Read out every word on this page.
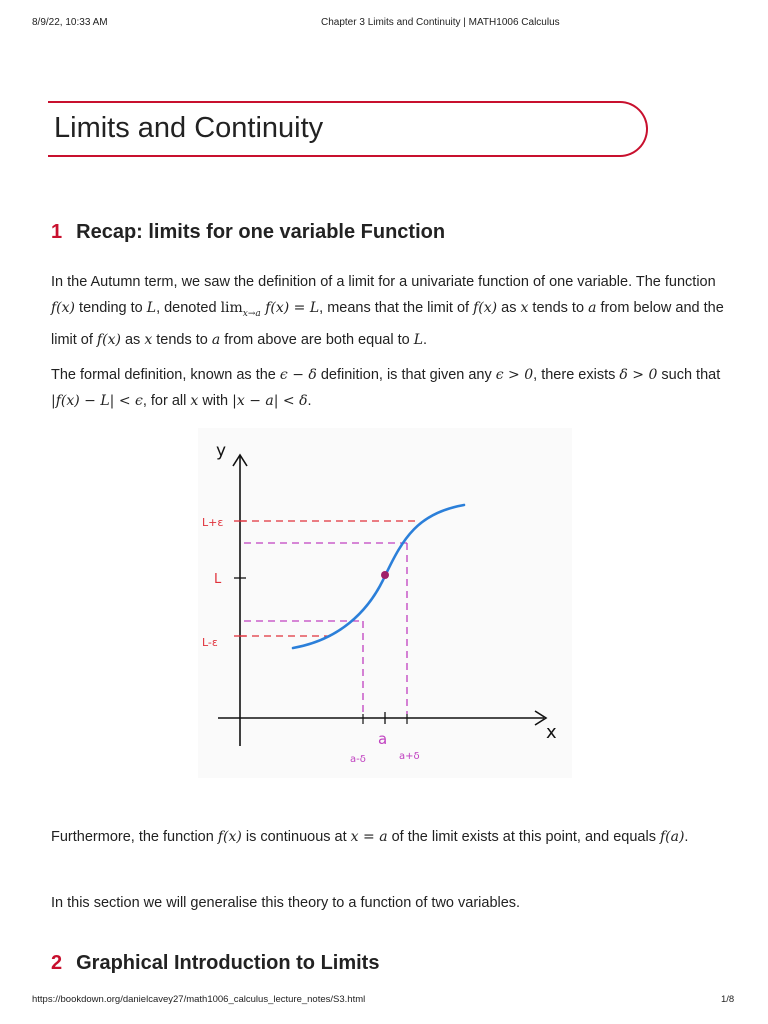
8/9/22, 10:33 AM	Chapter 3 Limits and Continuity | MATH1006 Calculus
Limits and Continuity
1 Recap: limits for one variable Function

In the Autumn term, we saw the definition of a limit for a univariate function of one variable. The function f(x) tending to L, denoted $\lim_{x\to a} f(x) = L$, means that the limit of f(x) as x tends to a from below and the limit of f(x) as x tends to a from above are both equal to L.

The formal definition, known as the ϵ − δ definition, is that given any ϵ > 0, there exists δ > 0 such that |f(x) − L| < ϵ, for all x with |x − a| < δ.

y
x
L+ε
L
L-ε
a
a-δ	a+δ

Furthermore, the function f(x) is continuous at x = a of the limit exists at this point, and equals f(a).

In this section we will generalise this theory to a function of two variables.

2 Graphical Introduction to Limits
https://bookdown.org/danielcavey27/math1006_calculus_lecture_notes/S3.html	1/8
